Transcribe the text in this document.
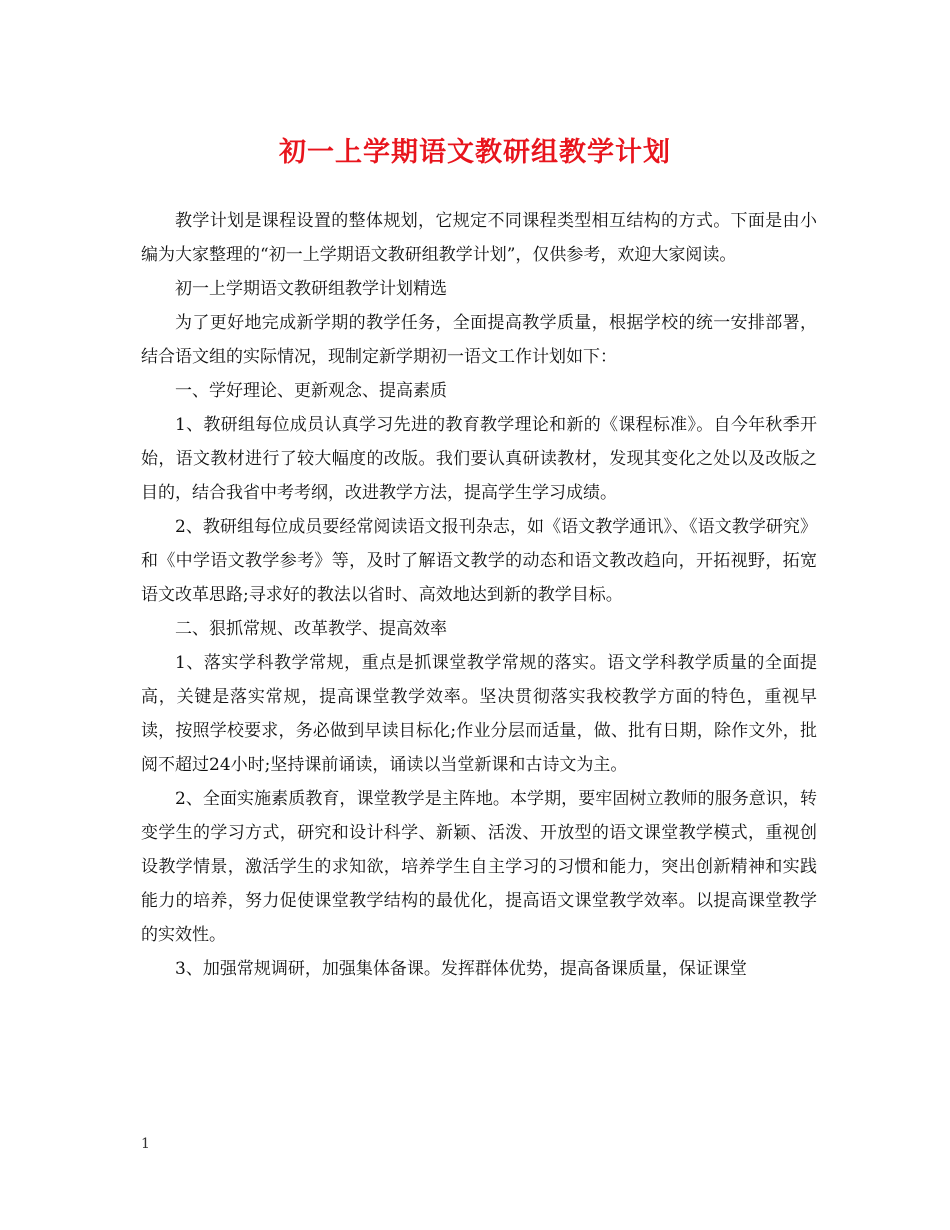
初一上学期语文教研组教学计划

教学计划是课程设置的整体规划，它规定不同课程类型相互结构的方式。下面是由小编为大家整理的“初一上学期语文教研组教学计划”，仅供参考，欢迎大家阅读。

初一上学期语文教研组教学计划精选

为了更好地完成新学期的教学任务，全面提高教学质量，根据学校的统一安排部署，结合语文组的实际情况，现制定新学期初一语文工作计划如下：

一、学好理论、更新观念、提高素质

1、教研组每位成员认真学习先进的教育教学理论和新的《课程标准》。自今年秋季开始，语文教材进行了较大幅度的改版。我们要认真研读教材，发现其变化之处以及改版之目的，结合我省中考考纲，改进教学方法，提高学生学习成绩。

2、教研组每位成员要经常阅读语文报刊杂志，如《语文教学通讯》、《语文教学研究》和《中学语文教学参考》等，及时了解语文教学的动态和语文教改趋向，开拓视野，拓宽语文改革思路;寻求好的教法以省时、高效地达到新的教学目标。

二、狠抓常规、改革教学、提高效率

1、落实学科教学常规，重点是抓课堂教学常规的落实。语文学科教学质量的全面提高，关键是落实常规，提高课堂教学效率。坚决贯彻落实我校教学方面的特色，重视早读，按照学校要求，务必做到早读目标化;作业分层而适量，做、批有日期，除作文外，批阅不超过24小时;坚持课前诵读，诵读以当堂新课和古诗文为主。

2、全面实施素质教育，课堂教学是主阵地。本学期，要牢固树立教师的服务意识，转变学生的学习方式，研究和设计科学、新颖、活泼、开放型的语文课堂教学模式，重视创设教学情景，激活学生的求知欲，培养学生自主学习的习惯和能力，突出创新精神和实践能力的培养，努力促使课堂教学结构的最优化，提高语文课堂教学效率。以提高课堂教学的实效性。

3、加强常规调研，加强集体备课。发挥群体优势，提高备课质量，保证课堂

1
